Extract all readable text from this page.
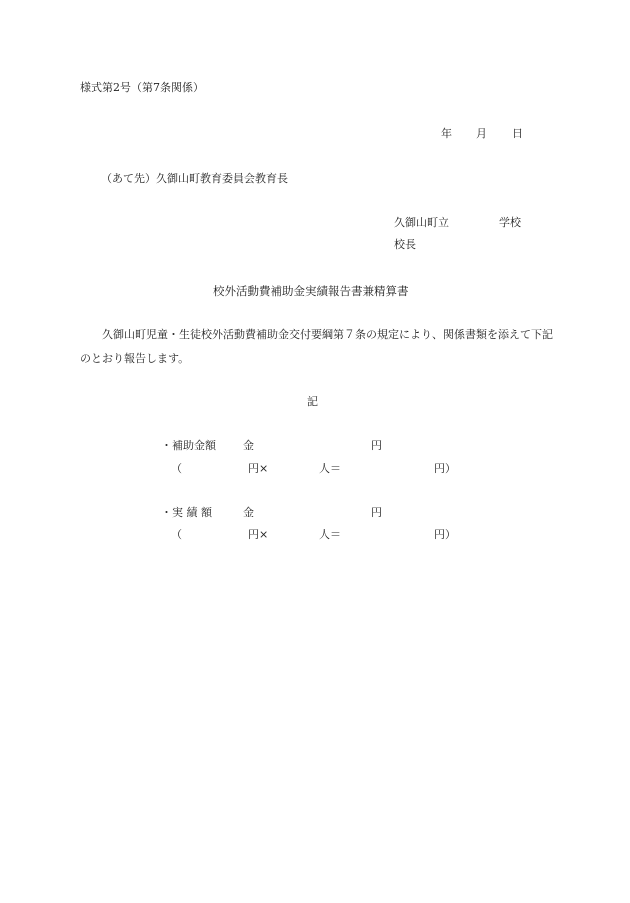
様式第2号（第7条関係）
年 月 日
（あて先）久御山町教育委員会教育長
久御山町立	学校
校長
校外活動費補助金実績報告書兼精算書
久御山町児童・生徒校外活動費補助金交付要綱第７条の規定により、関係書類を添えて下記のとおり報告します。
記
・補助金額 金	円
（	円×	人＝	円）
・実 績 額	金	円
（	円×	人＝	円）
